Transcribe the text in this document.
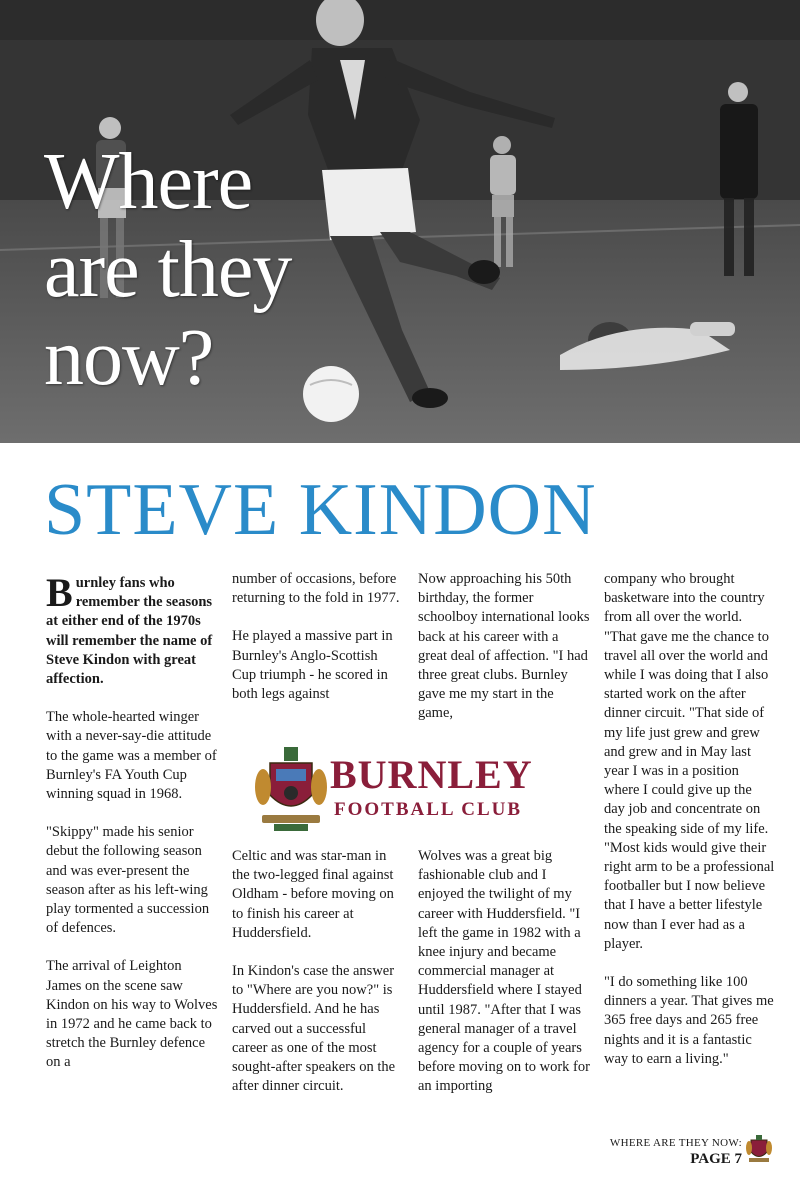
Where
are they
now?
STEVE KINDON

Burnley fans who remember the seasons at either end of the 1970s will remember the name of Steve Kindon with great affection.

The whole-hearted winger with a never-say-die attitude to the game was a member of Burnley's FA Youth Cup winning squad in 1968.

"Skippy" made his senior debut the following season and was ever-present the season after as his left-wing play tormented a succession of defences.

The arrival of Leighton James on the scene saw Kindon on his way to Wolves in 1972 and he came back to stretch the Burnley defence on a

number of occasions, before returning to the fold in 1977.

He played a massive part in Burnley's Anglo-Scottish Cup triumph - he scored in both legs against

Now approaching his 50th birthday, the former schoolboy international looks back at his career with a great deal of affection. "I had three great clubs. Burnley gave me my start in the game,

BURNLEY
FOOTBALL CLUB

Celtic and was star-man in the two-legged final against Oldham - before moving on to finish his career at Huddersfield.

In Kindon's case the answer to "Where are you now?" is Huddersfield. And he has carved out a successful career as one of the most sought-after speakers on the after dinner circuit.

Wolves was a great big fashionable club and I enjoyed the twilight of my career with Huddersfield. "I left the game in 1982 with a knee injury and became commercial manager at Huddersfield where I stayed until 1987. "After that I was general manager of a travel agency for a couple of years before moving on to work for an importing

company who brought basketware into the country from all over the world. "That gave me the chance to travel all over the world and while I was doing that I also started work on the after dinner circuit. "That side of my life just grew and grew and grew and in May last year I was in a position where I could give up the day job and concentrate on the speaking side of my life. "Most kids would give their right arm to be a professional footballer but I now believe that I have a better lifestyle now than I ever had as a player.

"I do something like 100 dinners a year. That gives me 365 free days and 265 free nights and it is a fantastic way to earn a living."

WHERE ARE THEY NOW:
PAGE 7
